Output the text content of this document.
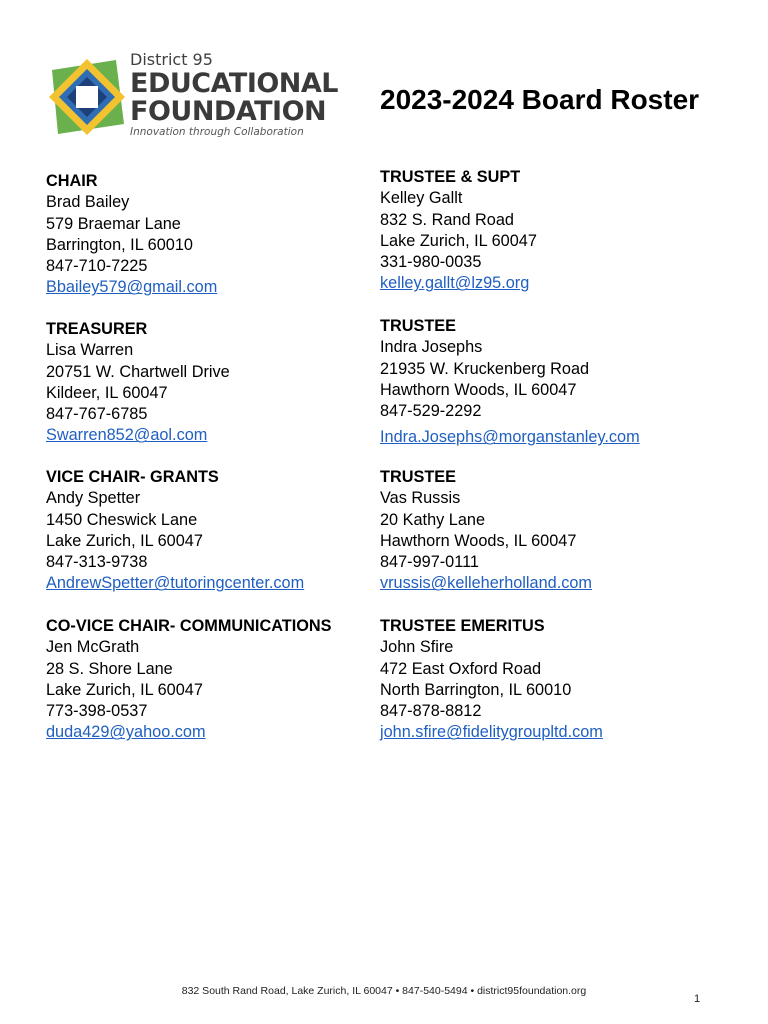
District 95
EDUCATIONAL
FOUNDATION
Innovation through Collaboration
2023-2024 Board Roster
CHAIR
Brad Bailey
579 Braemar Lane
Barrington, IL 60010
847-710-7225
Bbailey579@gmail.com
TREASURER
Lisa Warren
20751 W. Chartwell Drive
Kildeer, IL 60047
847-767-6785
Swarren852@aol.com
VICE CHAIR- GRANTS
Andy Spetter
1450 Cheswick Lane
Lake Zurich, IL 60047
847-313-9738
AndrewSpetter@tutoringcenter.com
CO-VICE CHAIR- COMMUNICATIONS
Jen McGrath
28 S. Shore Lane
Lake Zurich, IL 60047
773-398-0537
duda429@yahoo.com
TRUSTEE & SUPT
Kelley Gallt
832 S. Rand Road
Lake Zurich, IL 60047
331-980-0035
kelley.gallt@lz95.org
TRUSTEE
Indra Josephs
21935 W. Kruckenberg Road
Hawthorn Woods, IL 60047
847-529-2292
Indra.Josephs@morganstanley.com
TRUSTEE
Vas Russis
20 Kathy Lane
Hawthorn Woods, IL 60047
847-997-0111
vrussis@kelleherholland.com
TRUSTEE EMERITUS
John Sfire
472 East Oxford Road
North Barrington, IL 60010
847-878-8812
john.sfire@fidelitygroupltd.com
832 South Rand Road, Lake Zurich, IL 60047 • 847-540-5494 • district95foundation.org
1
